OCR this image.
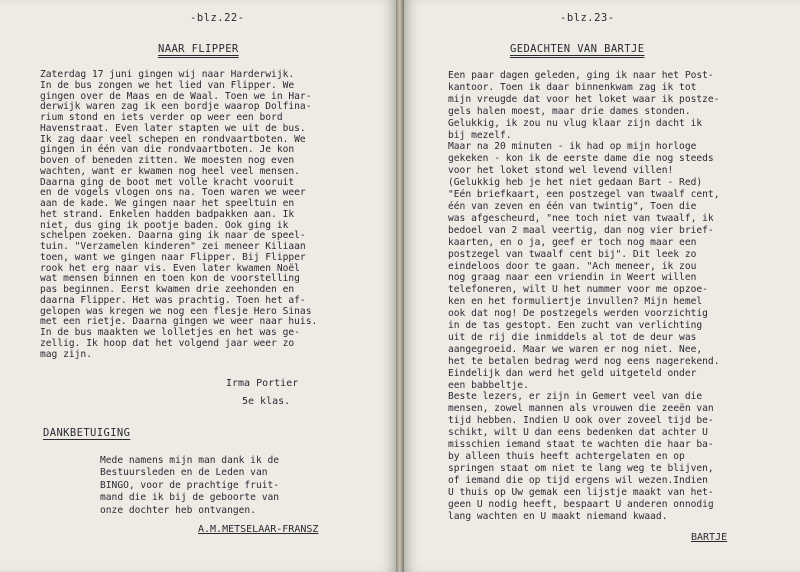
-blz.22-
NAAR FLIPPER
Zaterdag 17 juni gingen wij naar Harderwijk.
In de bus zongen we het lied van Flipper. We
gingen over de Maas en de Waal. Toen we in Har-
derwijk waren zag ik een bordje waarop Dolfina-
rium stond en iets verder op weer een bord
Havenstraat. Even later stapten we uit de bus.
Ik zag daar veel schepen en rondvaartboten. We
gingen in één van die rondvaartboten. Je kon
boven of beneden zitten. We moesten nog even
wachten, want er kwamen nog heel veel mensen.
Daarna ging de boot met volle kracht vooruit
en de vogels vlogen ons na. Toen waren we weer
aan de kade. We gingen naar het speeltuin en
het strand. Enkelen hadden badpakken aan. Ik
niet, dus ging ik pootje baden. Ook ging ik
schelpen zoeken. Daarna ging ik naar de speel-
tuin. "Verzamelen kinderen" zei meneer Kiliaan
toen, want we gingen naar Flipper. Bij Flipper
rook het erg naar vis. Even later kwamen Noël
wat mensen binnen en toen kon de voorstelling
pas beginnen. Eerst kwamen drie zeehonden en
daarna Flipper. Het was prachtig. Toen het af-
gelopen was kregen we nog een flesje Hero Sinas
met een rietje. Daarna gingen we weer naar huis.
In de bus maakten we lolletjes en het was ge-
zellig. Ik hoop dat het volgend jaar weer zo
mag zijn.
Irma Portier
5e klas.
DANKBETUIGING
Mede namens mijn man dank ik de
Bestuursleden en de Leden van
BINGO, voor de prachtige fruit-
mand die ik bij de geboorte van
onze dochter heb ontvangen.
A.M.METSELAAR-FRANSZ
-blz.23-
GEDACHTEN VAN BARTJE
Een paar dagen geleden, ging ik naar het Post-
kantoor. Toen ik daar binnenkwam zag ik tot
mijn vreugde dat voor het loket waar ik postze-
gels halen moest, maar drie dames stonden.
Gelukkig, ik zou nu vlug klaar zijn dacht ik
bij mezelf.
Maar na 20 minuten - ik had op mijn horloge
gekeken - kon ik de eerste dame die nog steeds
voor het loket stond wel levend villen!
(Gelukkig heb je het niet gedaan Bart - Red)
"Eén briefkaart, een postzegel van twaalf cent,
één van zeven en één van twintig", Toen die
was afgescheurd, "nee toch niet van twaalf, ik
bedoel van 2 maal veertig, dan nog vier brief-
kaarten, en o ja, geef er toch nog maar een
postzegel van twaalf cent bij". Dit leek zo
eindeloos door te gaan. "Ach meneer, ik zou
nog graag naar een vriendin in Weert willen
telefoneren, wilt U het nummer voor me opzoe-
ken en het formuliertje invullen? Mijn hemel
ook dat nog! De postzegels werden voorzichtig
in de tas gestopt. Een zucht van verlichting
uit de rij die inmiddels al tot de deur was
aangegroeid. Maar we waren er nog niet. Nee,
het te betalen bedrag werd nog eens nagerekend.
Eindelijk dan werd het geld uitgeteld onder
een babbeltje.
Beste lezers, er zijn in Gemert veel van die
mensen, zowel mannen als vrouwen die zeeën van
tijd hebben. Indien U ook over zoveel tijd be-
schikt, wilt U dan eens bedenken dat achter U
misschien iemand staat te wachten die haar ba-
by alleen thuis heeft achtergelaten en op
springen staat om niet te lang weg te blijven,
of iemand die op tijd ergens wil wezen.Indien
U thuis op Uw gemak een lijstje maakt van het-
geen U nodig heeft, bespaart U anderen onnodig
lang wachten en U maakt niemand kwaad.
BARTJE
